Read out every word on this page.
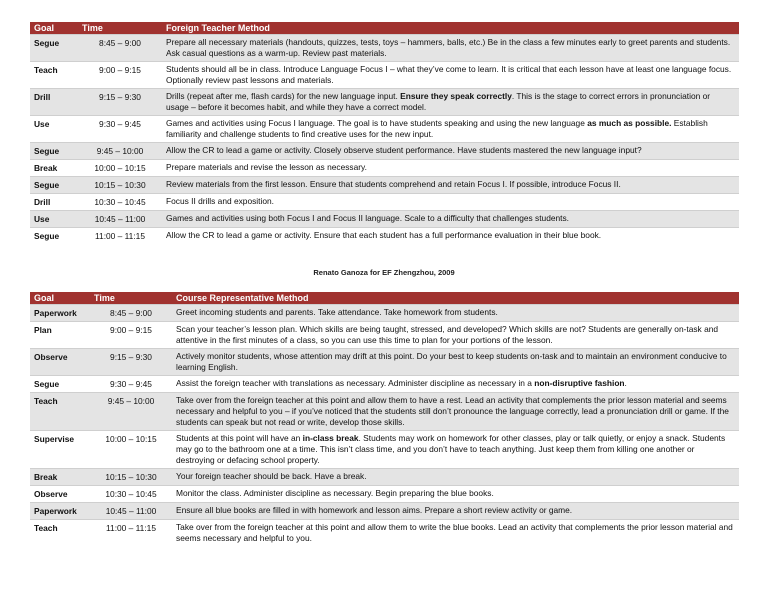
Goal	Time	Foreign Teacher Method
Segue	8:45 – 9:00	Prepare all necessary materials (handouts, quizzes, tests, toys – hammers, balls, etc.) Be in the class a few minutes early to greet parents and students. Ask casual questions as a warm-up. Review past materials.
Teach	9:00 – 9:15	Students should all be in class. Introduce Language Focus I – what they’ve come to learn. It is critical that each lesson have at least one language focus. Optionally review past lessons and materials.
Drill	9:15 – 9:30	Drills (repeat after me, flash cards) for the new language input. Ensure they speak correctly. This is the stage to correct errors in pronunciation or usage – before it becomes habit, and while they have a correct model.
Use	9:30 – 9:45	Games and activities using Focus I language. The goal is to have students speaking and using the new language as much as possible. Establish familiarity and challenge students to find creative uses for the new input.
Segue	9:45 – 10:00	Allow the CR to lead a game or activity. Closely observe student performance. Have students mastered the new language input?
Break	10:00 – 10:15	Prepare materials and revise the lesson as necessary.
Segue	10:15 – 10:30	Review materials from the first lesson. Ensure that students comprehend and retain Focus I. If possible, introduce Focus II.
Drill	10:30 – 10:45	Focus II drills and exposition.
Use	10:45 – 11:00	Games and activities using both Focus I and Focus II language. Scale to a difficulty that challenges students.
Segue	11:00 – 11:15	Allow the CR to lead a game or activity. Ensure that each student has a full performance evaluation in their blue book.
Renato Ganoza for EF Zhengzhou, 2009
Goal	Time	Course Representative Method
Paperwork	8:45 – 9:00	Greet incoming students and parents. Take attendance. Take homework from students.
Plan	9:00 – 9:15	Scan your teacher’s lesson plan. Which skills are being taught, stressed, and developed? Which skills are not? Students are generally on-task and attentive in the first minutes of a class, so you can use this time to plan for your portions of the lesson.
Observe	9:15 – 9:30	Actively monitor students, whose attention may drift at this point. Do your best to keep students on-task and to maintain an environment conducive to learning English.
Segue	9:30 – 9:45	Assist the foreign teacher with translations as necessary. Administer discipline as necessary in a non-disruptive fashion.
Teach	9:45 – 10:00	Take over from the foreign teacher at this point and allow them to have a rest. Lead an activity that complements the prior lesson material and seems necessary and helpful to you – if you’ve noticed that the students still don’t pronounce the language correctly, lead a pronunciation drill or game. If the students can speak but not read or write, develop those skills.
Supervise	10:00 – 10:15	Students at this point will have an in-class break. Students may work on homework for other classes, play or talk quietly, or enjoy a snack. Students may go to the bathroom one at a time. This isn’t class time, and you don’t have to teach anything. Just keep them from killing one another or destroying or defacing school property.
Break	10:15 – 10:30	Your foreign teacher should be back. Have a break.
Observe	10:30 – 10:45	Monitor the class. Administer discipline as necessary. Begin preparing the blue books.
Paperwork	10:45 – 11:00	Ensure all blue books are filled in with homework and lesson aims. Prepare a short review activity or game.
Teach	11:00 – 11:15	Take over from the foreign teacher at this point and allow them to write the blue books. Lead an activity that complements the prior lesson material and seems necessary and helpful to you.
